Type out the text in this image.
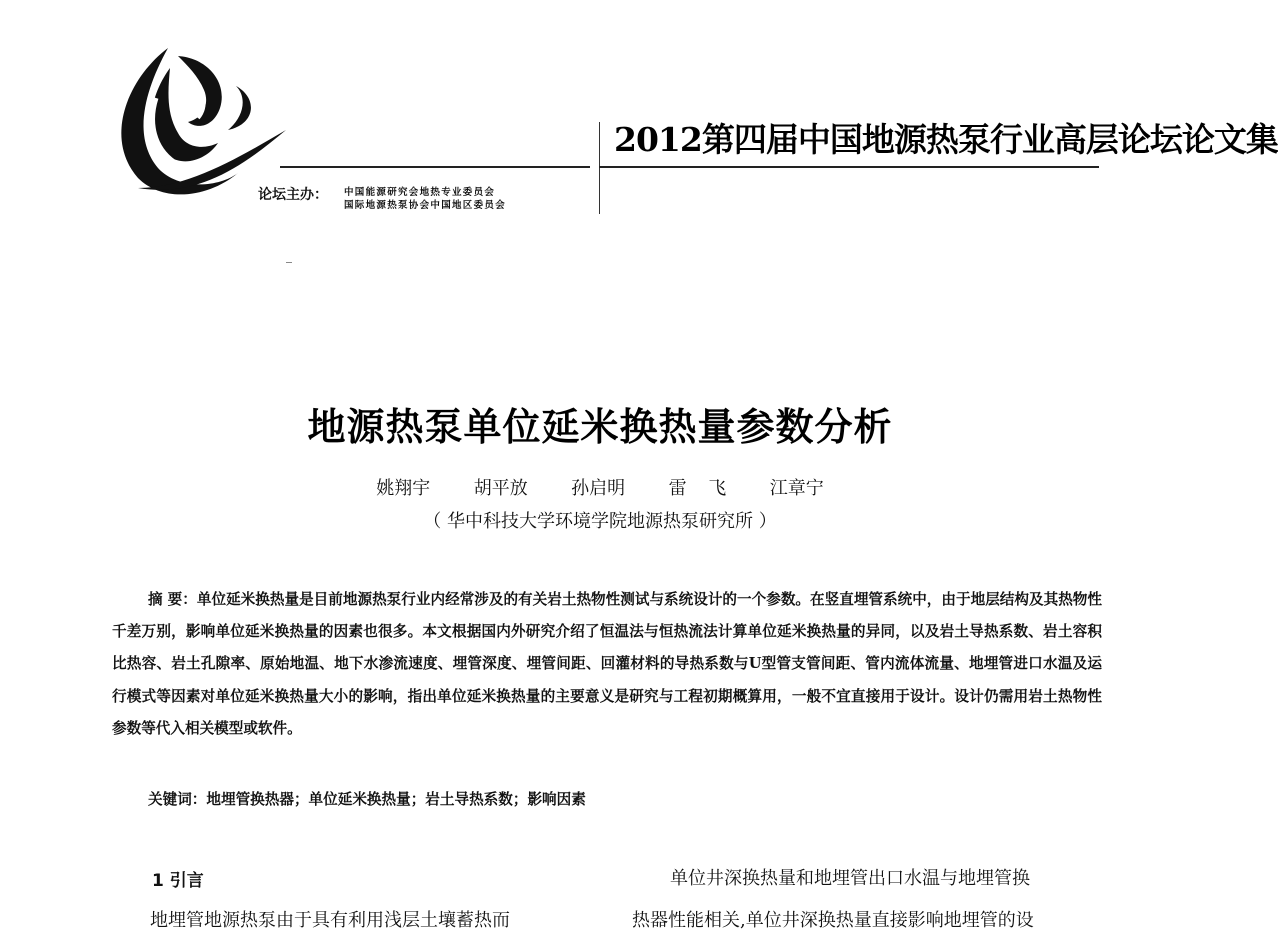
2012第四届中国地源热泵行业高层论坛论文集
论坛主办： 中国能源研究会地热专业委员会
国际地源热泵协会中国地区委员会
地源热泵单位延米换热量参数分析
姚翔宇  胡平放  孙启明  雷 飞  江章宁
（ 华中科技大学环境学院地源热泵研究所 ）
摘 要：单位延米换热量是目前地源热泵行业内经常涉及的有关岩土热物性测试与系统设计的一个参数。在竖直埋管系统中，由于地层结构及其热物性千差万别，影响单位延米换热量的因素也很多。本文根据国内外研究介绍了恒温法与恒热流法计算单位延米换热量的异同，以及岩土导热系数、岩土容积比热容、岩土孔隙率、原始地温、地下水渗流速度、埋管深度、埋管间距、回灌材料的导热系数与U型管支管间距、管内流体流量、地埋管进口水温及运行模式等因素对单位延米换热量大小的影响，指出单位延米换热量的主要意义是研究与工程初期概算用，一般不宜直接用于设计。设计仍需用岩土热物性参数等代入相关模型或软件。
关键词：地埋管换热器；单位延米换热量；岩土导热系数；影响因素
1 引言
地埋管地源热泵由于具有利用浅层土壤蓄热而
单位井深换热量和地埋管出口水温与地埋管换
热器性能相关,单位井深换热量直接影响地埋管的设
